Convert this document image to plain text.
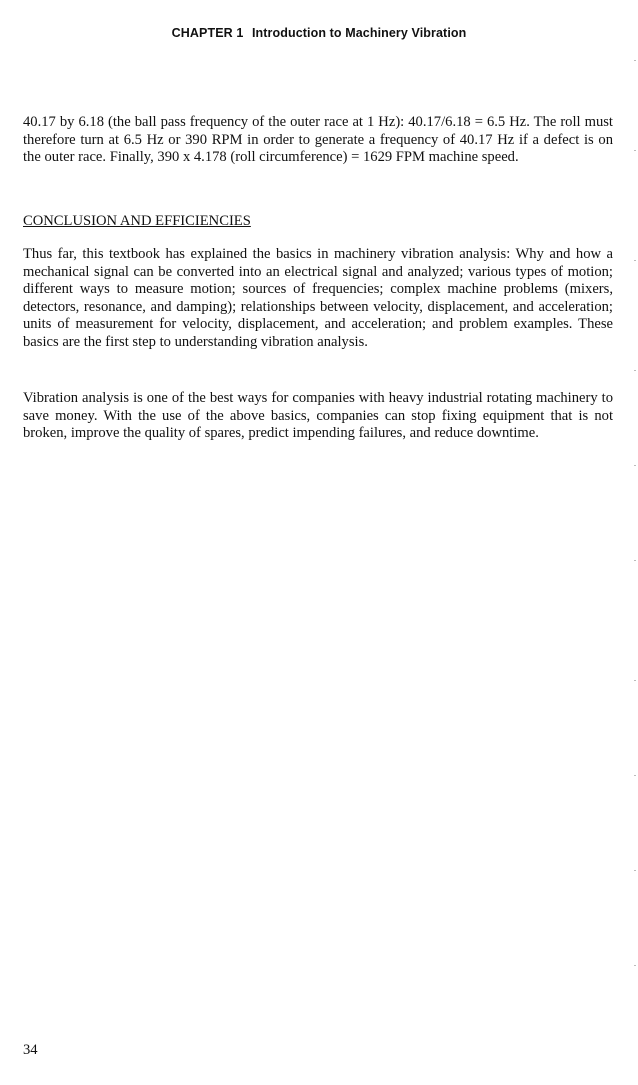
CHAPTER 1 Introduction to Machinery Vibration

40.17 by 6.18 (the ball pass frequency of the outer race at 1 Hz): 40.17/6.18 = 6.5 Hz. The roll must therefore turn at 6.5 Hz or 390 RPM in order to generate a frequency of 40.17 Hz if a defect is on the outer race. Finally, 390 x 4.178 (roll circumference) = 1629 FPM machine speed.

CONCLUSION AND EFFICIENCIES

Thus far, this textbook has explained the basics in machinery vibration analysis: Why and how a mechanical signal can be converted into an electrical signal and analyzed; various types of motion; different ways to measure motion; sources of frequencies; complex machine problems (mixers, detectors, resonance, and damping); relationships between velocity, displacement, and acceleration; units of measurement for velocity, displacement, and acceleration; and problem examples. These basics are the first step to understanding vibration analysis.

Vibration analysis is one of the best ways for companies with heavy industrial rotating machinery to save money. With the use of the above basics, companies can stop fixing equipment that is not broken, improve the quality of spares, predict impending failures, and reduce downtime.

34
